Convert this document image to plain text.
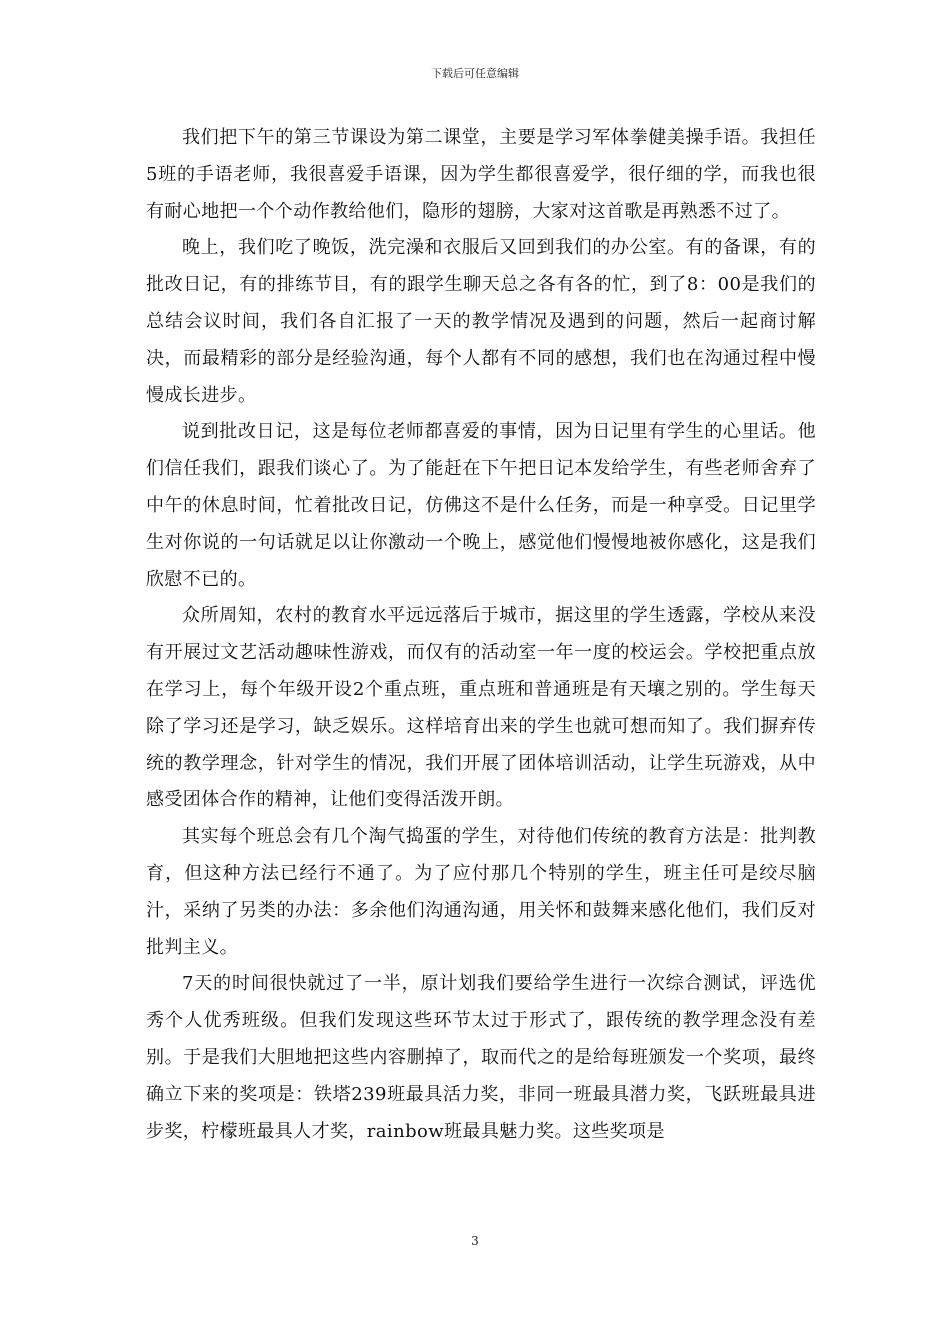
下载后可任意编辑

我们把下午的第三节课设为第二课堂，主要是学习军体拳健美操手语。我担任5班的手语老师，我很喜爱手语课，因为学生都很喜爱学，很仔细的学，而我也很有耐心地把一个个动作教给他们，隐形的翅膀，大家对这首歌是再熟悉不过了。

晚上，我们吃了晚饭，洗完澡和衣服后又回到我们的办公室。有的备课，有的批改日记，有的排练节目，有的跟学生聊天总之各有各的忙，到了8：00是我们的总结会议时间，我们各自汇报了一天的教学情况及遇到的问题，然后一起商讨解决，而最精彩的部分是经验沟通，每个人都有不同的感想，我们也在沟通过程中慢慢成长进步。

说到批改日记，这是每位老师都喜爱的事情，因为日记里有学生的心里话。他们信任我们，跟我们谈心了。为了能赶在下午把日记本发给学生，有些老师舍弃了中午的休息时间，忙着批改日记，仿佛这不是什么任务，而是一种享受。日记里学生对你说的一句话就足以让你激动一个晚上，感觉他们慢慢地被你感化，这是我们欣慰不已的。

众所周知，农村的教育水平远远落后于城市，据这里的学生透露，学校从来没有开展过文艺活动趣味性游戏，而仅有的活动室一年一度的校运会。学校把重点放在学习上，每个年级开设2个重点班，重点班和普通班是有天壤之别的。学生每天除了学习还是学习，缺乏娱乐。这样培育出来的学生也就可想而知了。我们摒弃传统的教学理念，针对学生的情况，我们开展了团体培训活动，让学生玩游戏，从中感受团体合作的精神，让他们变得活泼开朗。

其实每个班总会有几个淘气捣蛋的学生，对待他们传统的教育方法是：批判教育，但这种方法已经行不通了。为了应付那几个特别的学生，班主任可是绞尽脑汁，采纳了另类的办法：多余他们沟通沟通，用关怀和鼓舞来感化他们，我们反对批判主义。

7天的时间很快就过了一半，原计划我们要给学生进行一次综合测试，评选优秀个人优秀班级。但我们发现这些环节太过于形式了，跟传统的教学理念没有差别。于是我们大胆地把这些内容删掉了，取而代之的是给每班颁发一个奖项，最终确立下来的奖项是：铁塔239班最具活力奖，非同一班最具潜力奖，飞跃班最具进步奖，柠檬班最具人才奖，rainbow班最具魅力奖。这些奖项是

3
